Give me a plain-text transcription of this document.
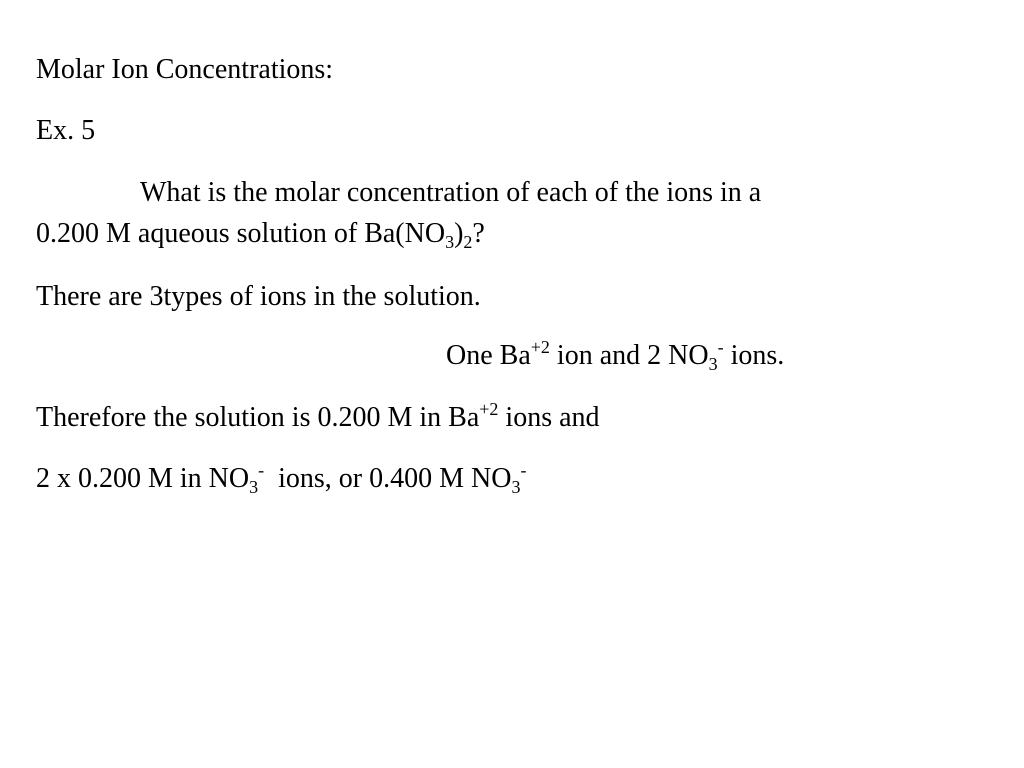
Molar Ion Concentrations:
Ex. 5
What is the molar concentration of each of the ions in a
0.200 M aqueous solution of $Ba(NO_3)_2$?
There are 3types of ions in the solution.
One $Ba^{+2}$ ion and 2 $NO_3^-$ ions.
Therefore the solution is 0.200 M in $Ba^{+2}$ ions and
2 x 0.200 M in $NO_3^-$  ions, or 0.400 M $NO_3^-$
